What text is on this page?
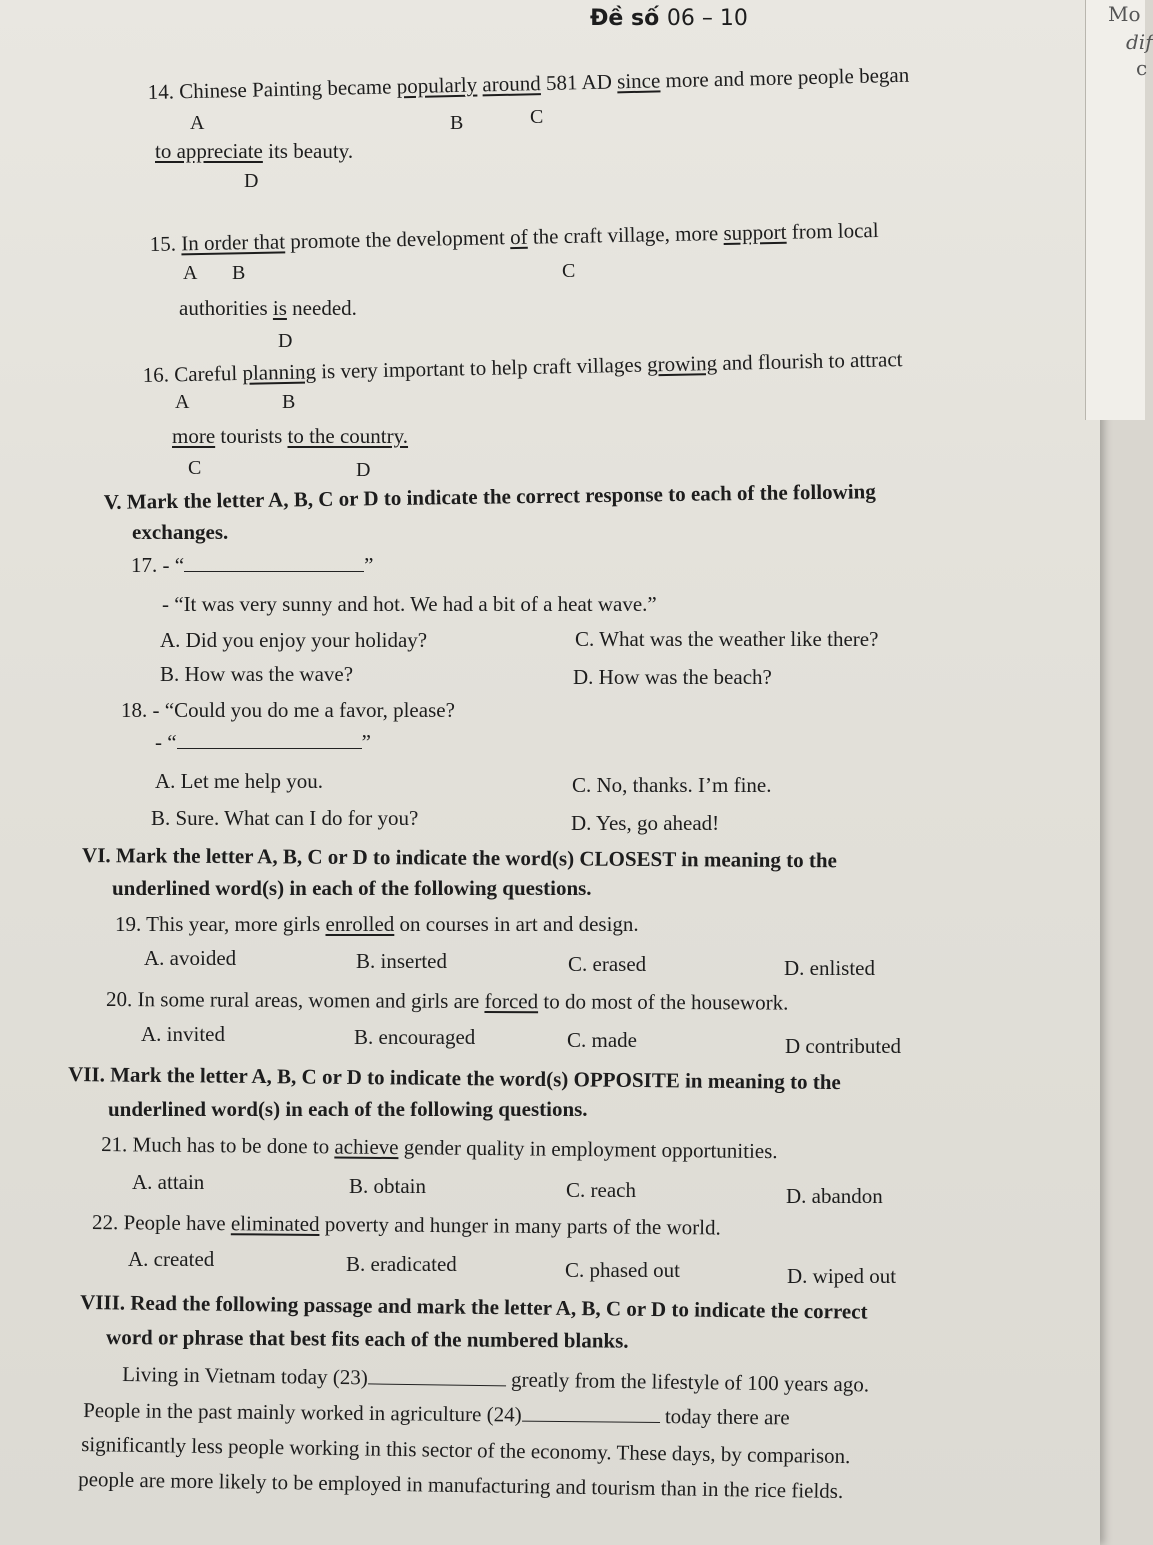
Mo
dif
c
Đề số 06 – 10
14. Chinese Painting became popularly around 581 AD since more and more people began
A	B	C
to appreciate its beauty.
D
15. In order that promote the development of the craft village, more support from local
A B	C
authorities is needed.
D
16. Careful planning is very important to help craft villages growing and flourish to attract
A	B
more tourists to the country.
C	D
V. Mark the letter A, B, C or D to indicate the correct response to each of the following
exchanges.
17. - “	”
- “It was very sunny and hot. We had a bit of a heat wave.”
A. Did you enjoy your holiday?
B. How was the wave?
C. What was the weather like there?
D. How was the beach?
18. - “Could you do me a favor, please?
- “	”
A. Let me help you.
B. Sure. What can I do for you?
C. No, thanks. I’m fine.
D. Yes, go ahead!
VI. Mark the letter A, B, C or D to indicate the word(s) CLOSEST in meaning to the
underlined word(s) in each of the following questions.
19. This year, more girls enrolled on courses in art and design.
A. avoided	B. inserted	C. erased	D. enlisted
20. In some rural areas, women and girls are forced to do most of the housework.
A. invited	B. encouraged	C. made	D contributed
VII. Mark the letter A, B, C or D to indicate the word(s) OPPOSITE in meaning to the
underlined word(s) in each of the following questions.
21. Much has to be done to achieve gender quality in employment opportunities.
A. attain	B. obtain	C. reach	D. abandon
22. People have eliminated poverty and hunger in many parts of the world.
A. created	B. eradicated	C. phased out	D. wiped out
VIII. Read the following passage and mark the letter A, B, C or D to indicate the correct
word or phrase that best fits each of the numbered blanks.
Living in Vietnam today (23)	greatly from the lifestyle of 100 years ago.
People in the past mainly worked in agriculture (24)	today there are
significantly less people working in this sector of the economy. These days, by comparison.
people are more likely to be employed in manufacturing and tourism than in the rice fields.
